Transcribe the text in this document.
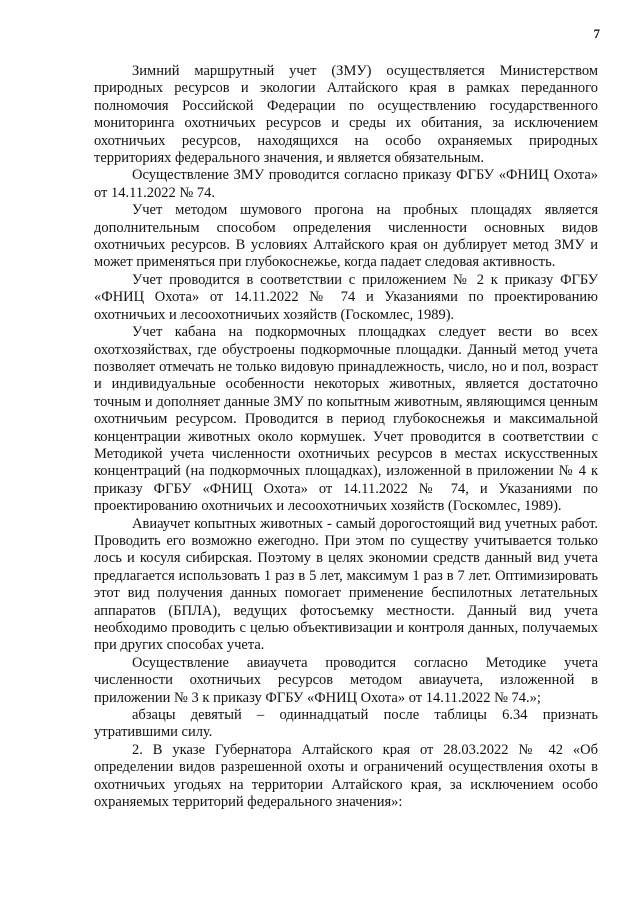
7

Зимний маршрутный учет (ЗМУ) осуществляется Министерством природных ресурсов и экологии Алтайского края в рамках переданного полномочия Российской Федерации по осуществлению государственного мониторинга охотничьих ресурсов и среды их обитания, за исключением охотничьих ресурсов, находящихся на особо охраняемых природных территориях федерального значения, и является обязательным.

Осуществление ЗМУ проводится согласно приказу ФГБУ «ФНИЦ Охота» от 14.11.2022 № 74.

Учет методом шумового прогона на пробных площадях является дополнительным способом определения численности основных видов охотничьих ресурсов. В условиях Алтайского края он дублирует метод ЗМУ и может применяться при глубокоснежье, когда падает следовая активность.

Учет проводится в соответствии с приложением № 2 к приказу ФГБУ «ФНИЦ Охота» от 14.11.2022 № 74 и Указаниями по проектированию охотничьих и лесоохотничьих хозяйств (Госкомлес, 1989).

Учет кабана на подкормочных площадках следует вести во всех охотхозяйствах, где обустроены подкормочные площадки. Данный метод учета позволяет отмечать не только видовую принадлежность, число, но и пол, возраст и индивидуальные особенности некоторых животных, является достаточно точным и дополняет данные ЗМУ по копытным животным, являющимся ценным охотничьим ресурсом. Проводится в период глубокоснежья и максимальной концентрации животных около кормушек. Учет проводится в соответствии с Методикой учета численности охотничьих ресурсов в местах искусственных концентраций (на подкормочных площадках), изложенной в приложении № 4 к приказу ФГБУ «ФНИЦ Охота» от 14.11.2022 № 74, и Указаниями по проектированию охотничьих и лесоохотничьих хозяйств (Госкомлес, 1989).

Авиаучет копытных животных - самый дорогостоящий вид учетных работ. Проводить его возможно ежегодно. При этом по существу учитывается только лось и косуля сибирская. Поэтому в целях экономии средств данный вид учета предлагается использовать 1 раз в 5 лет, максимум 1 раз в 7 лет. Оптимизировать этот вид получения данных помогает применение беспилотных летательных аппаратов (БПЛА), ведущих фотосъемку местности. Данный вид учета необходимо проводить с целью объективизации и контроля данных, получаемых при других способах учета.

Осуществление авиаучета проводится согласно Методике учета численности охотничьих ресурсов методом авиаучета, изложенной в приложении № 3 к приказу ФГБУ «ФНИЦ Охота» от 14.11.2022 № 74.»;

абзацы девятый – одиннадцатый после таблицы 6.34 признать утратившими силу.

2. В указе Губернатора Алтайского края от 28.03.2022 № 42 «Об определении видов разрешенной охоты и ограничений осуществления охоты в охотничьих угодьях на территории Алтайского края, за исключением особо охраняемых территорий федерального значения»:
